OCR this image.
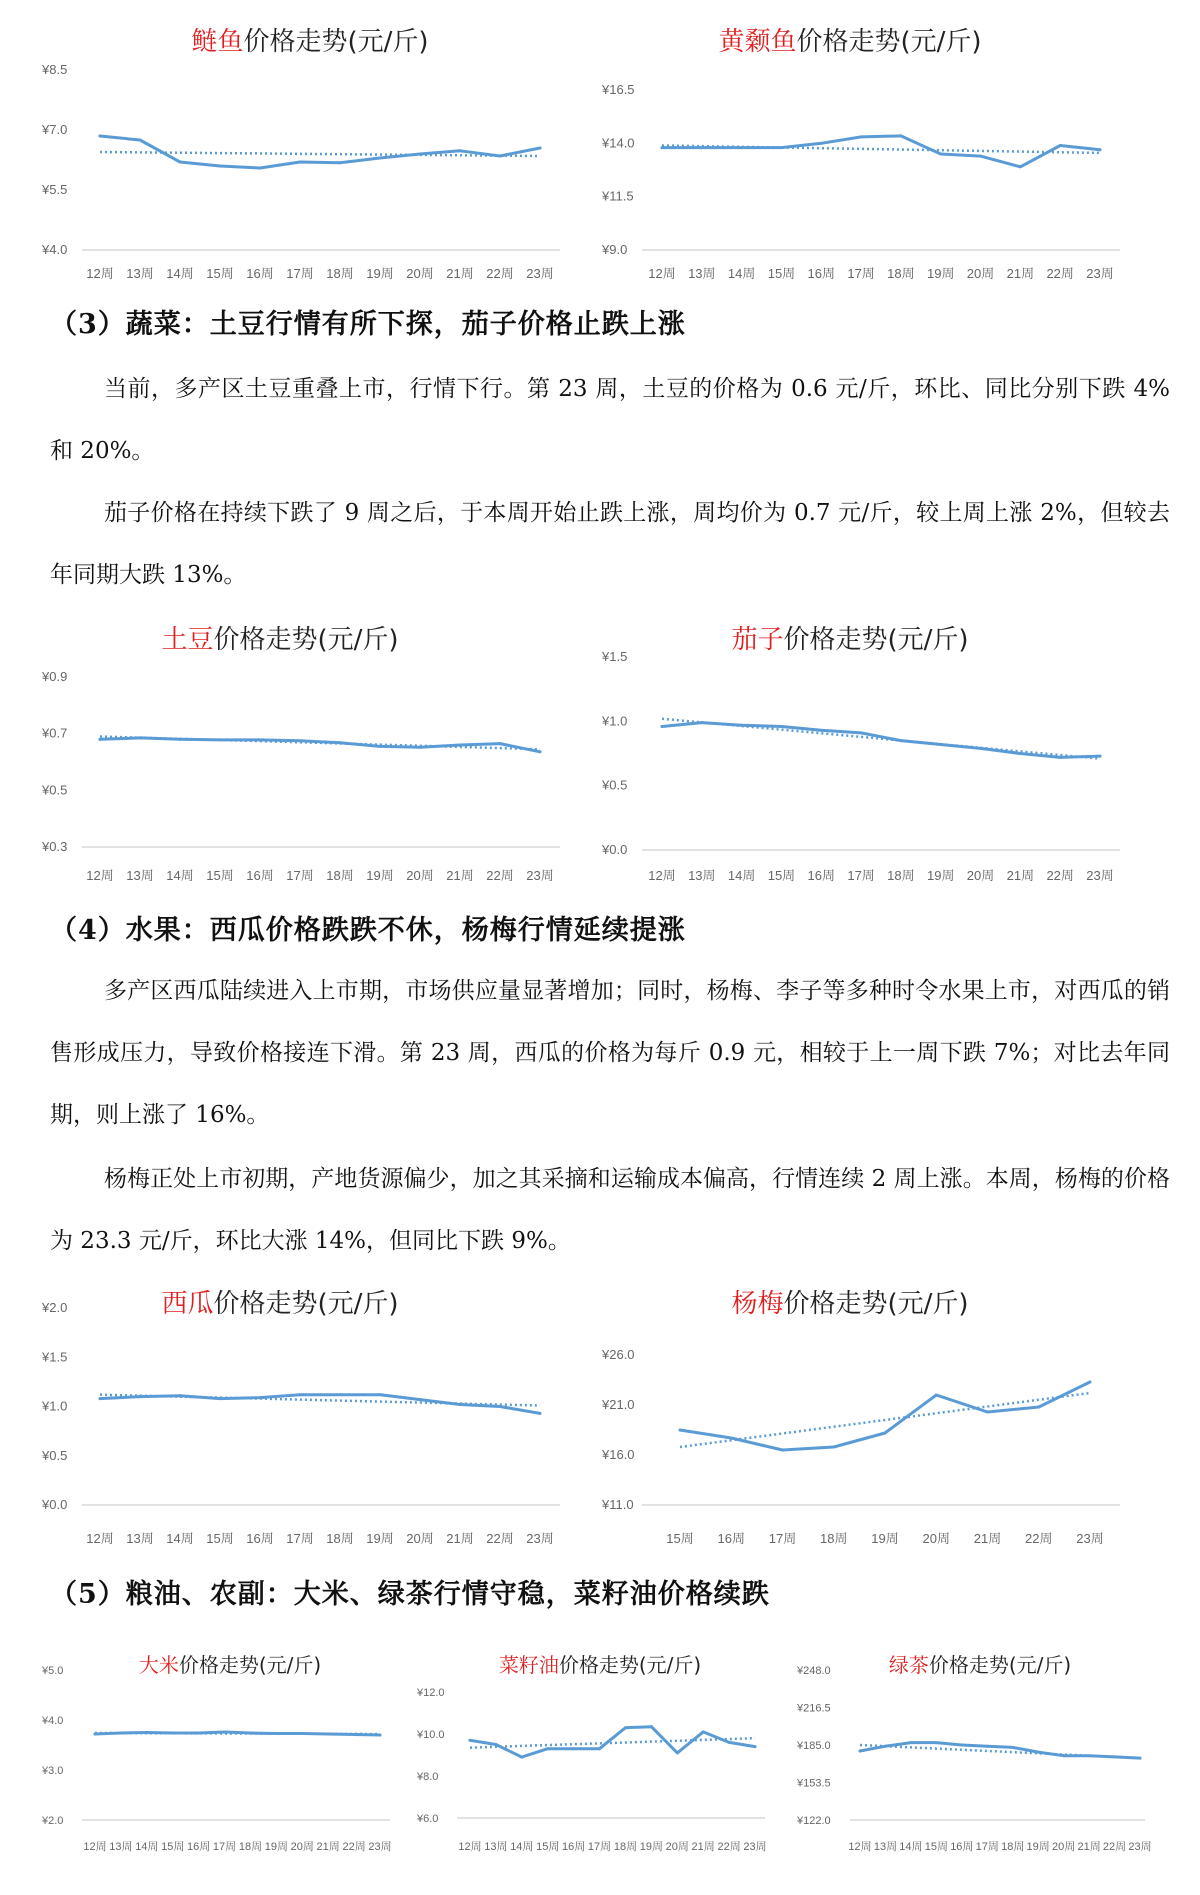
鲢鱼价格走势(元/斤)
¥4.0
¥5.5
¥7.0
¥8.5
12周 13周 14周 15周 16周 17周 18周 19周 20周 21周 22周 23周
黄颡鱼价格走势(元/斤)
¥9.0
¥11.5
¥14.0
¥16.5
12周 13周 14周 15周 16周 17周 18周 19周 20周 21周 22周 23周
（3）蔬菜：土豆行情有所下探，茄子价格止跌上涨

当前，多产区土豆重叠上市，行情下行。第 23 周，土豆的价格为 0.6 元/斤，环比、同比分别下跌 4%和 20%。

茄子价格在持续下跌了 9 周之后，于本周开始止跌上涨，周均价为 0.7 元/斤，较上周上涨 2%，但较去年同期大跌 13%。

土豆价格走势(元/斤)
¥0.3
¥0.5
¥0.7
¥0.9
12周 13周 14周 15周 16周 17周 18周 19周 20周 21周 22周 23周
茄子价格走势(元/斤)
¥0.0
¥0.5
¥1.0
¥1.5
12周 13周 14周 15周 16周 17周 18周 19周 20周 21周 22周 23周
（4）水果：西瓜价格跌跌不休，杨梅行情延续提涨

多产区西瓜陆续进入上市期，市场供应量显著增加；同时，杨梅、李子等多种时令水果上市，对西瓜的销售形成压力，导致价格接连下滑。第 23 周，西瓜的价格为每斤 0.9 元，相较于上一周下跌 7%；对比去年同期，则上涨了 16%。

杨梅正处上市初期，产地货源偏少，加之其采摘和运输成本偏高，行情连续 2 周上涨。本周，杨梅的价格为 23.3 元/斤，环比大涨 14%，但同比下跌 9%。

西瓜价格走势(元/斤)
¥0.0
¥0.5
¥1.0
¥1.5
¥2.0
12周 13周 14周 15周 16周 17周 18周 19周 20周 21周 22周 23周
杨梅价格走势(元/斤)
¥11.0
¥16.0
¥21.0
¥26.0
15周 16周 17周 18周 19周 20周 21周 22周 23周
（5）粮油、农副：大米、绿茶行情守稳，菜籽油价格续跌
大米价格走势(元/斤)
¥2.0
¥3.0
¥4.0
¥5.0
12周 13周 14周 15周 16周 17周 18周 19周 20周 21周 22周 23周
菜籽油价格走势(元/斤)
¥6.0
¥8.0
¥10.0
¥12.0
12周 13周 14周 15周 16周 17周 18周 19周 20周 21周 22周 23周
绿茶价格走势(元/斤)
¥122.0
¥153.5
¥185.0
¥216.5
¥248.0
12周 13周 14周 15周 16周 17周 18周 19周 20周 21周 22周 23周
